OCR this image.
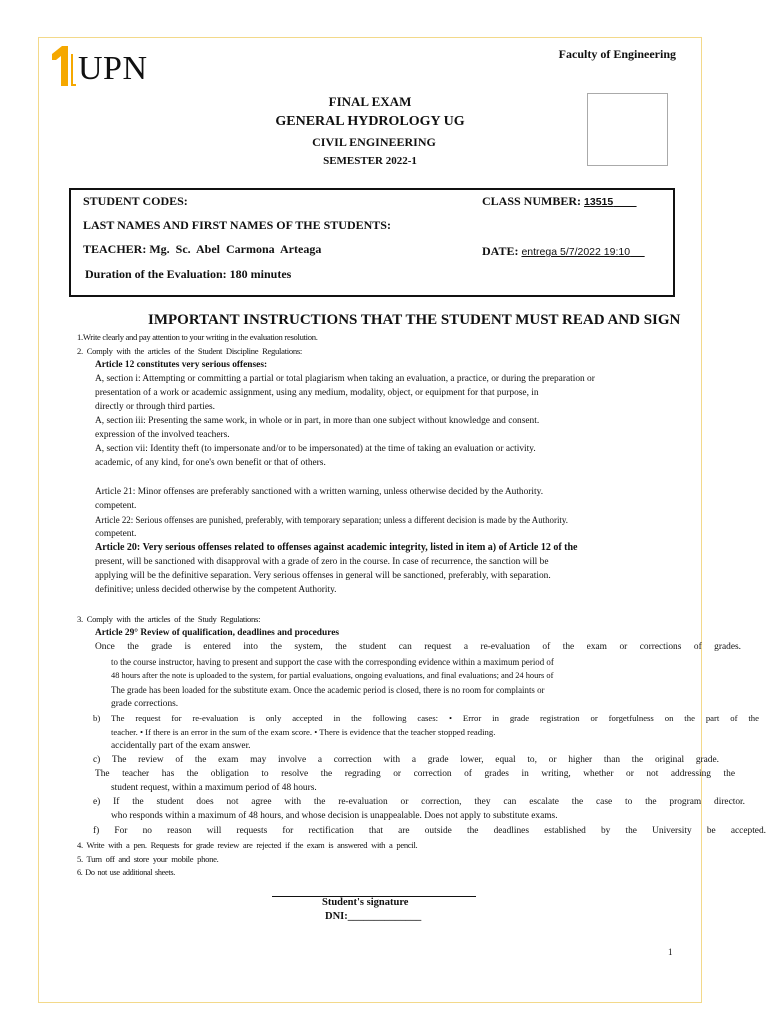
UPN	Faculty of Engineering
FINAL EXAM
GENERAL HYDROLOGY UG
CIVIL ENGINEERING
SEMESTER 2022-1
STUDENT CODES:	CLASS NUMBER: 13515
LAST NAMES AND FIRST NAMES OF THE STUDENTS:
TEACHER: Mg.  Sc.  Abel  Carmona  Arteaga	DATE: entrega 5/7/2022 19:10
Duration of the Evaluation: 180 minutes
IMPORTANT INSTRUCTIONS THAT THE STUDENT MUST READ AND SIGN
1.Write clearly and pay attention to your writing in the evaluation resolution.
2. Comply with the articles of the Student Discipline Regulations:
Article 12 constitutes very serious offenses:
A, section i: Attempting or committing a partial or total plagiarism when taking an evaluation, a practice, or during the preparation or
presentation of a work or academic assignment, using any medium, modality, object, or equipment for that purpose, in
directly or through third parties.
A, section iii: Presenting the same work, in whole or in part, in more than one subject without knowledge and consent.
expression of the involved teachers.
A, section vii: Identity theft (to impersonate and/or to be impersonated) at the time of taking an evaluation or activity.
academic, of any kind, for one's own benefit or that of others.
Article 21: Minor offenses are preferably sanctioned with a written warning, unless otherwise decided by the Authority.
competent.
Article 22: Serious offenses are punished, preferably, with temporary separation; unless a different decision is made by the Authority.
competent.
Article 20: Very serious offenses related to offenses against academic integrity, listed in item a) of Article 12 of the
present, will be sanctioned with disapproval with a grade of zero in the course. In case of recurrence, the sanction will be
applying will be the definitive separation. Very serious offenses in general will be sanctioned, preferably, with separation.
definitive; unless decided otherwise by the competent Authority.
3. Comply with the articles of the Study Regulations:
Article 29° Review of qualification, deadlines and procedures
Once the grade is entered into the system, the student can request a re-evaluation of the exam or corrections of grades.
to the course instructor, having to present and support the case with the corresponding evidence within a maximum period of
48 hours after the note is uploaded to the system, for partial evaluations, ongoing evaluations, and final evaluations; and 24 hours of
The grade has been loaded for the substitute exam. Once the academic period is closed, there is no room for complaints or
grade corrections.
b) The request for re-evaluation is only accepted in the following cases: • Error in grade registration or forgetfulness on the part of the
teacher. • If there is an error in the sum of the exam score. • There is evidence that the teacher stopped reading.
accidentally part of the exam answer.
c) The review of the exam may involve a correction with a grade lower, equal to, or higher than the original grade.
The teacher has the obligation to resolve the regrading or correction of grades in writing, whether or not addressing the
student request, within a maximum period of 48 hours.
e) If the student does not agree with the re-evaluation or correction, they can escalate the case to the program director.
who responds within a maximum of 48 hours, and whose decision is unappealable. Does not apply to substitute exams.
f) For no reason will requests for rectification that are outside the deadlines established by the University be accepted.
4. Write with a pen. Requests for grade review are rejected if the exam is answered with a pencil.
5. Turn off and store your mobile phone.
6. Do not use additional sheets.
Student's signature
DNI:______________
1
